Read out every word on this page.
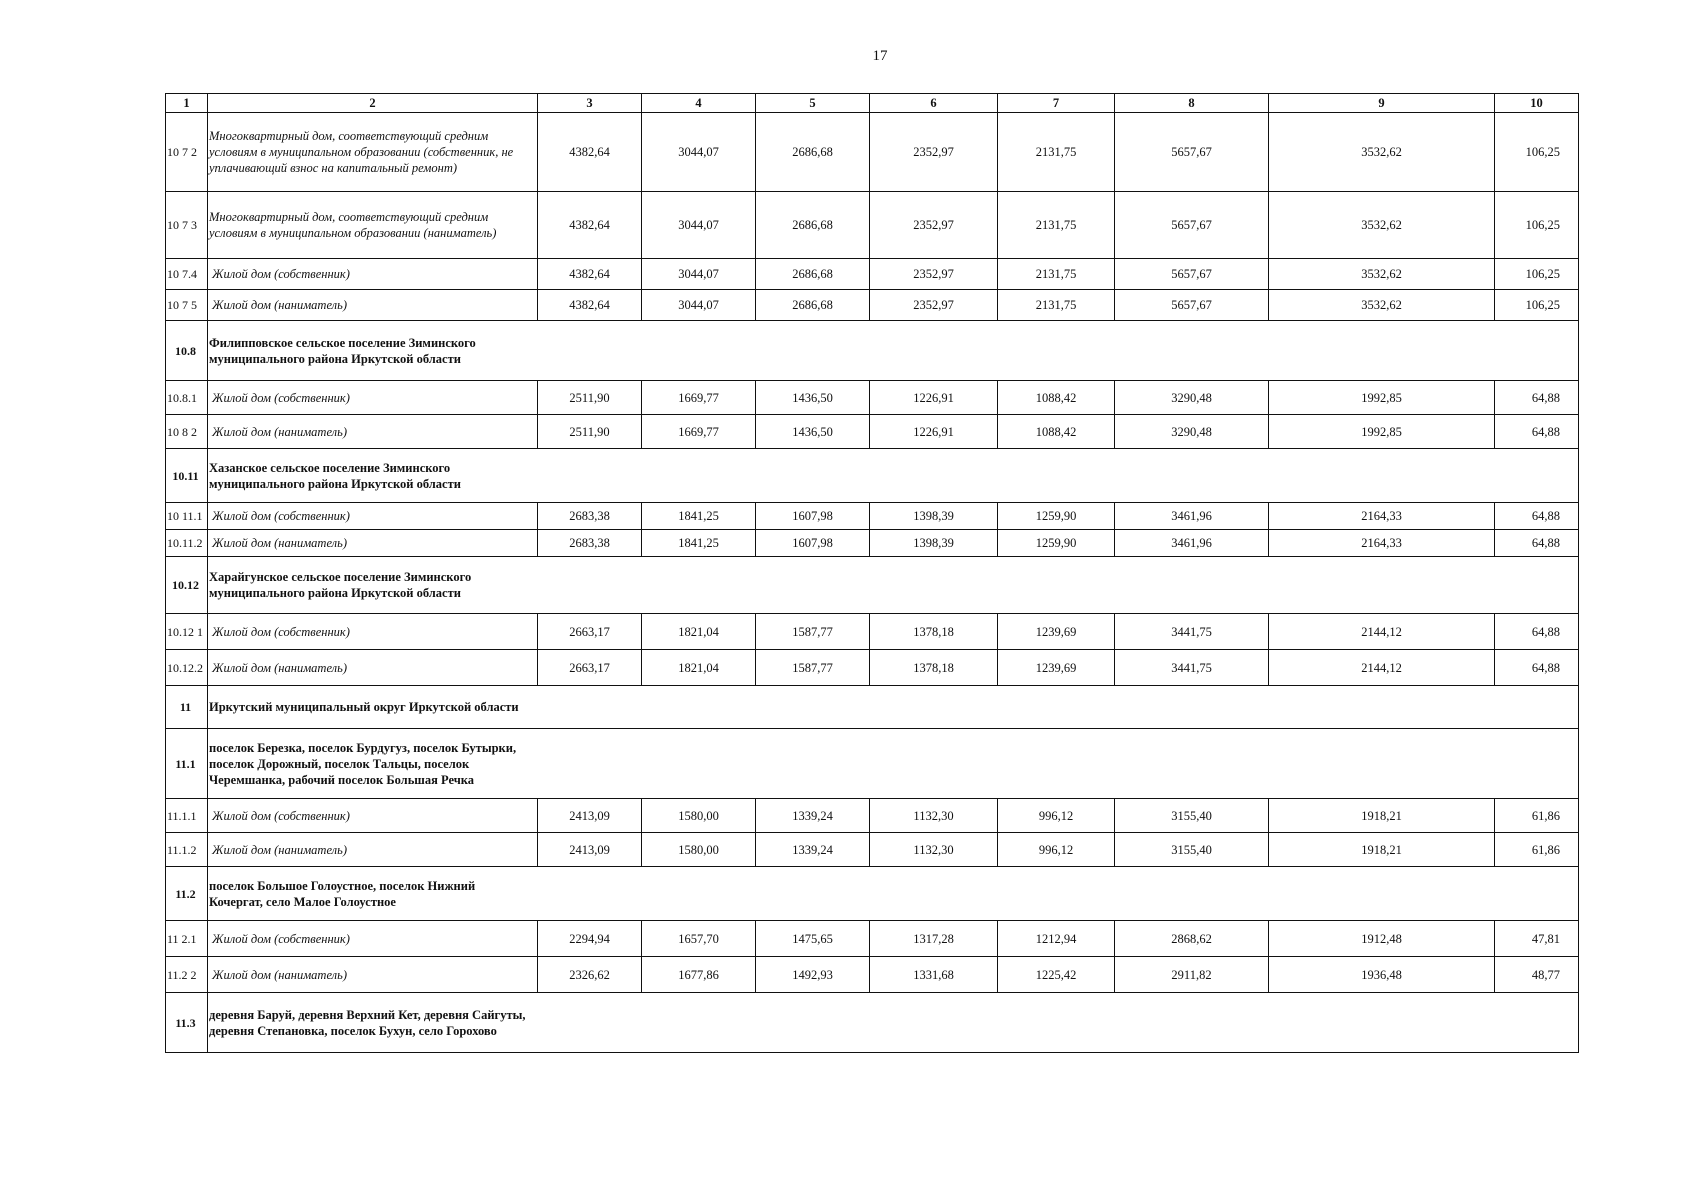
17
1	2	3	4	5	6	7	8	9	10
10 7 2	Многоквартирный дом, соответствующий средним условиям в муниципальном образовании (собственник, не уплачивающий взнос на капитальный ремонт)	4382,64	3044,07	2686,68	2352,97	2131,75	5657,67	3532,62	106,25
10 7 3	Многоквартирный дом, соответствующий средним условиям в муниципальном образовании (наниматель)	4382,64	3044,07	2686,68	2352,97	2131,75	5657,67	3532,62	106,25
10 7.4	Жилой дом (собственник)	4382,64	3044,07	2686,68	2352,97	2131,75	5657,67	3532,62	106,25
10 7 5	Жилой дом (наниматель)	4382,64	3044,07	2686,68	2352,97	2131,75	5657,67	3532,62	106,25
10.8	Филипповское сельское поселение Зиминского муниципального района Иркутской области								

10.8.1	Жилой дом (собственник)	2511,90	1669,77	1436,50	1226,91	1088,42	3290,48	1992,85	64,88
10 8 2	Жилой дом (наниматель)	2511,90	1669,77	1436,50	1226,91	1088,42	3290,48	1992,85	64,88
10.11	Хазанское сельское поселение Зиминского муниципального района Иркутской области								

10 11.1	Жилой дом (собственник)	2683,38	1841,25	1607,98	1398,39	1259,90	3461,96	2164,33	64,88
10.11.2	Жилой дом (наниматель)	2683,38	1841,25	1607,98	1398,39	1259,90	3461,96	2164,33	64,88
10.12	Харайгунское сельское поселение Зиминского муниципального района Иркутской области								

10.12 1	Жилой дом (собственник)	2663,17	1821,04	1587,77	1378,18	1239,69	3441,75	2144,12	64,88
10.12.2	Жилой дом (наниматель)	2663,17	1821,04	1587,77	1378,18	1239,69	3441,75	2144,12	64,88
11	Иркутский муниципальный округ Иркутской области								

11.1	поселок Березка, поселок Бурдугуз, поселок Бутырки, поселок Дорожный, поселок Тальцы, поселок Черемшанка, рабочий поселок Большая Речка								

11.1.1	Жилой дом (собственник)	2413,09	1580,00	1339,24	1132,30	996,12	3155,40	1918,21	61,86
11.1.2	Жилой дом (наниматель)	2413,09	1580,00	1339,24	1132,30	996,12	3155,40	1918,21	61,86
11.2	поселок Большое Голоустное, поселок Нижний Кочергат, село Малое Голоустное								

11 2.1	Жилой дом (собственник)	2294,94	1657,70	1475,65	1317,28	1212,94	2868,62	1912,48	47,81
11.2 2	Жилой дом (наниматель)	2326,62	1677,86	1492,93	1331,68	1225,42	2911,82	1936,48	48,77
11.3	деревня Баруй, деревня Верхний Кет, деревня Сайгуты, деревня Степановка, поселок Бухун, село Горохово								
